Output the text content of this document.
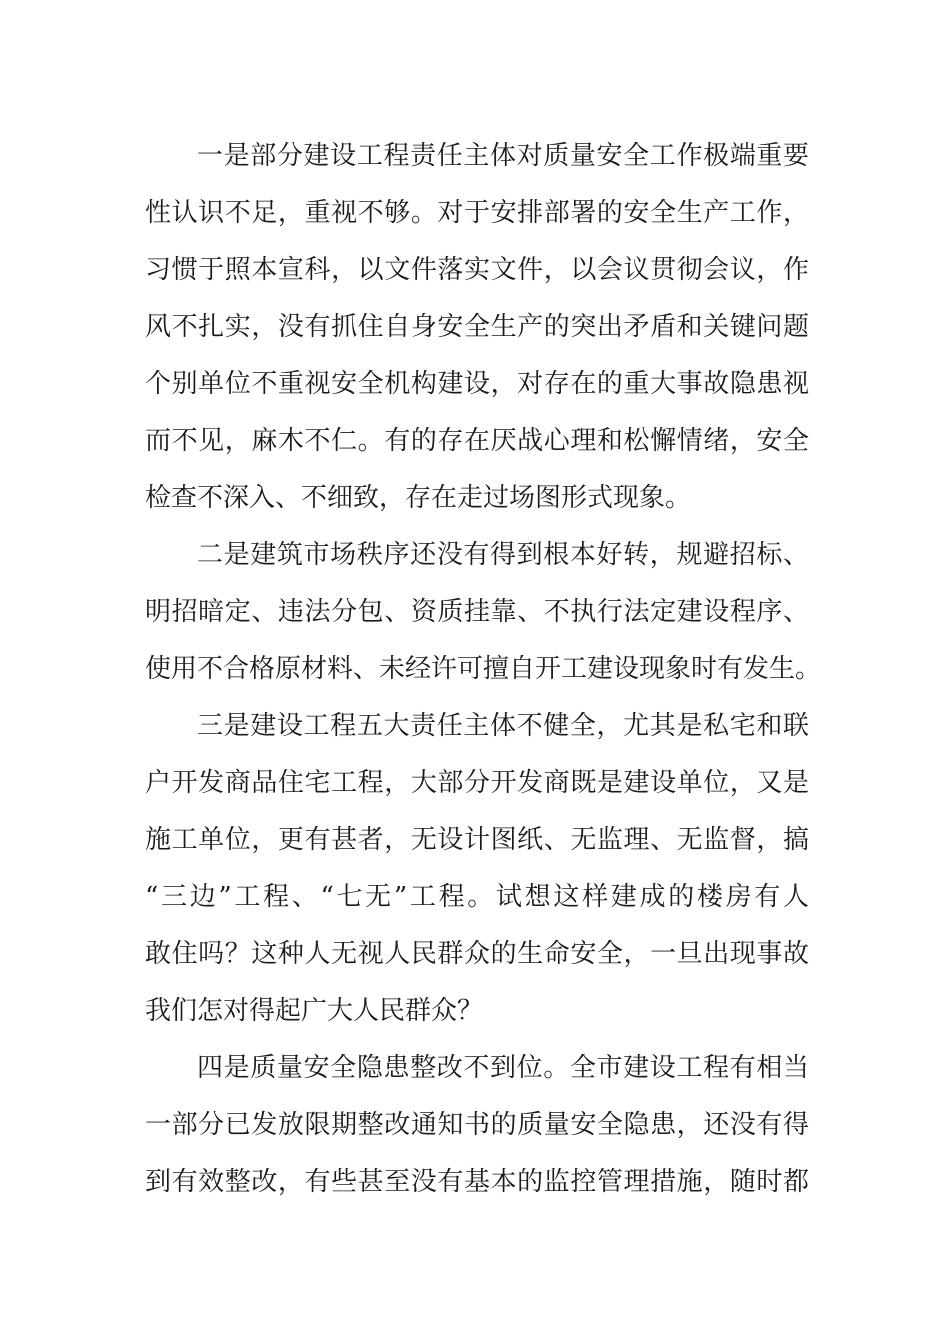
一是部分建设工程责任主体对质量安全工作极端重要
性认识不足，重视不够。对于安排部署的安全生产工作，
习惯于照本宣科，以文件落实文件，以会议贯彻会议，作
风不扎实，没有抓住自身安全生产的突出矛盾和关键问题
个别单位不重视安全机构建设，对存在的重大事故隐患视
而不见，麻木不仁。有的存在厌战心理和松懈情绪，安全
检查不深入、不细致，存在走过场图形式现象。
二是建筑市场秩序还没有得到根本好转，规避招标、
明招暗定、违法分包、资质挂靠、不执行法定建设程序、
使用不合格原材料、未经许可擅自开工建设现象时有发生。
三是建设工程五大责任主体不健全，尤其是私宅和联
户开发商品住宅工程，大部分开发商既是建设单位，又是
施工单位，更有甚者，无设计图纸、无监理、无监督，搞
“三边”工程、“七无”工程。试想这样建成的楼房有人
敢住吗？这种人无视人民群众的生命安全，一旦出现事故
我们怎对得起广大人民群众？
四是质量安全隐患整改不到位。全市建设工程有相当
一部分已发放限期整改通知书的质量安全隐患，还没有得
到有效整改，有些甚至没有基本的监控管理措施，随时都
